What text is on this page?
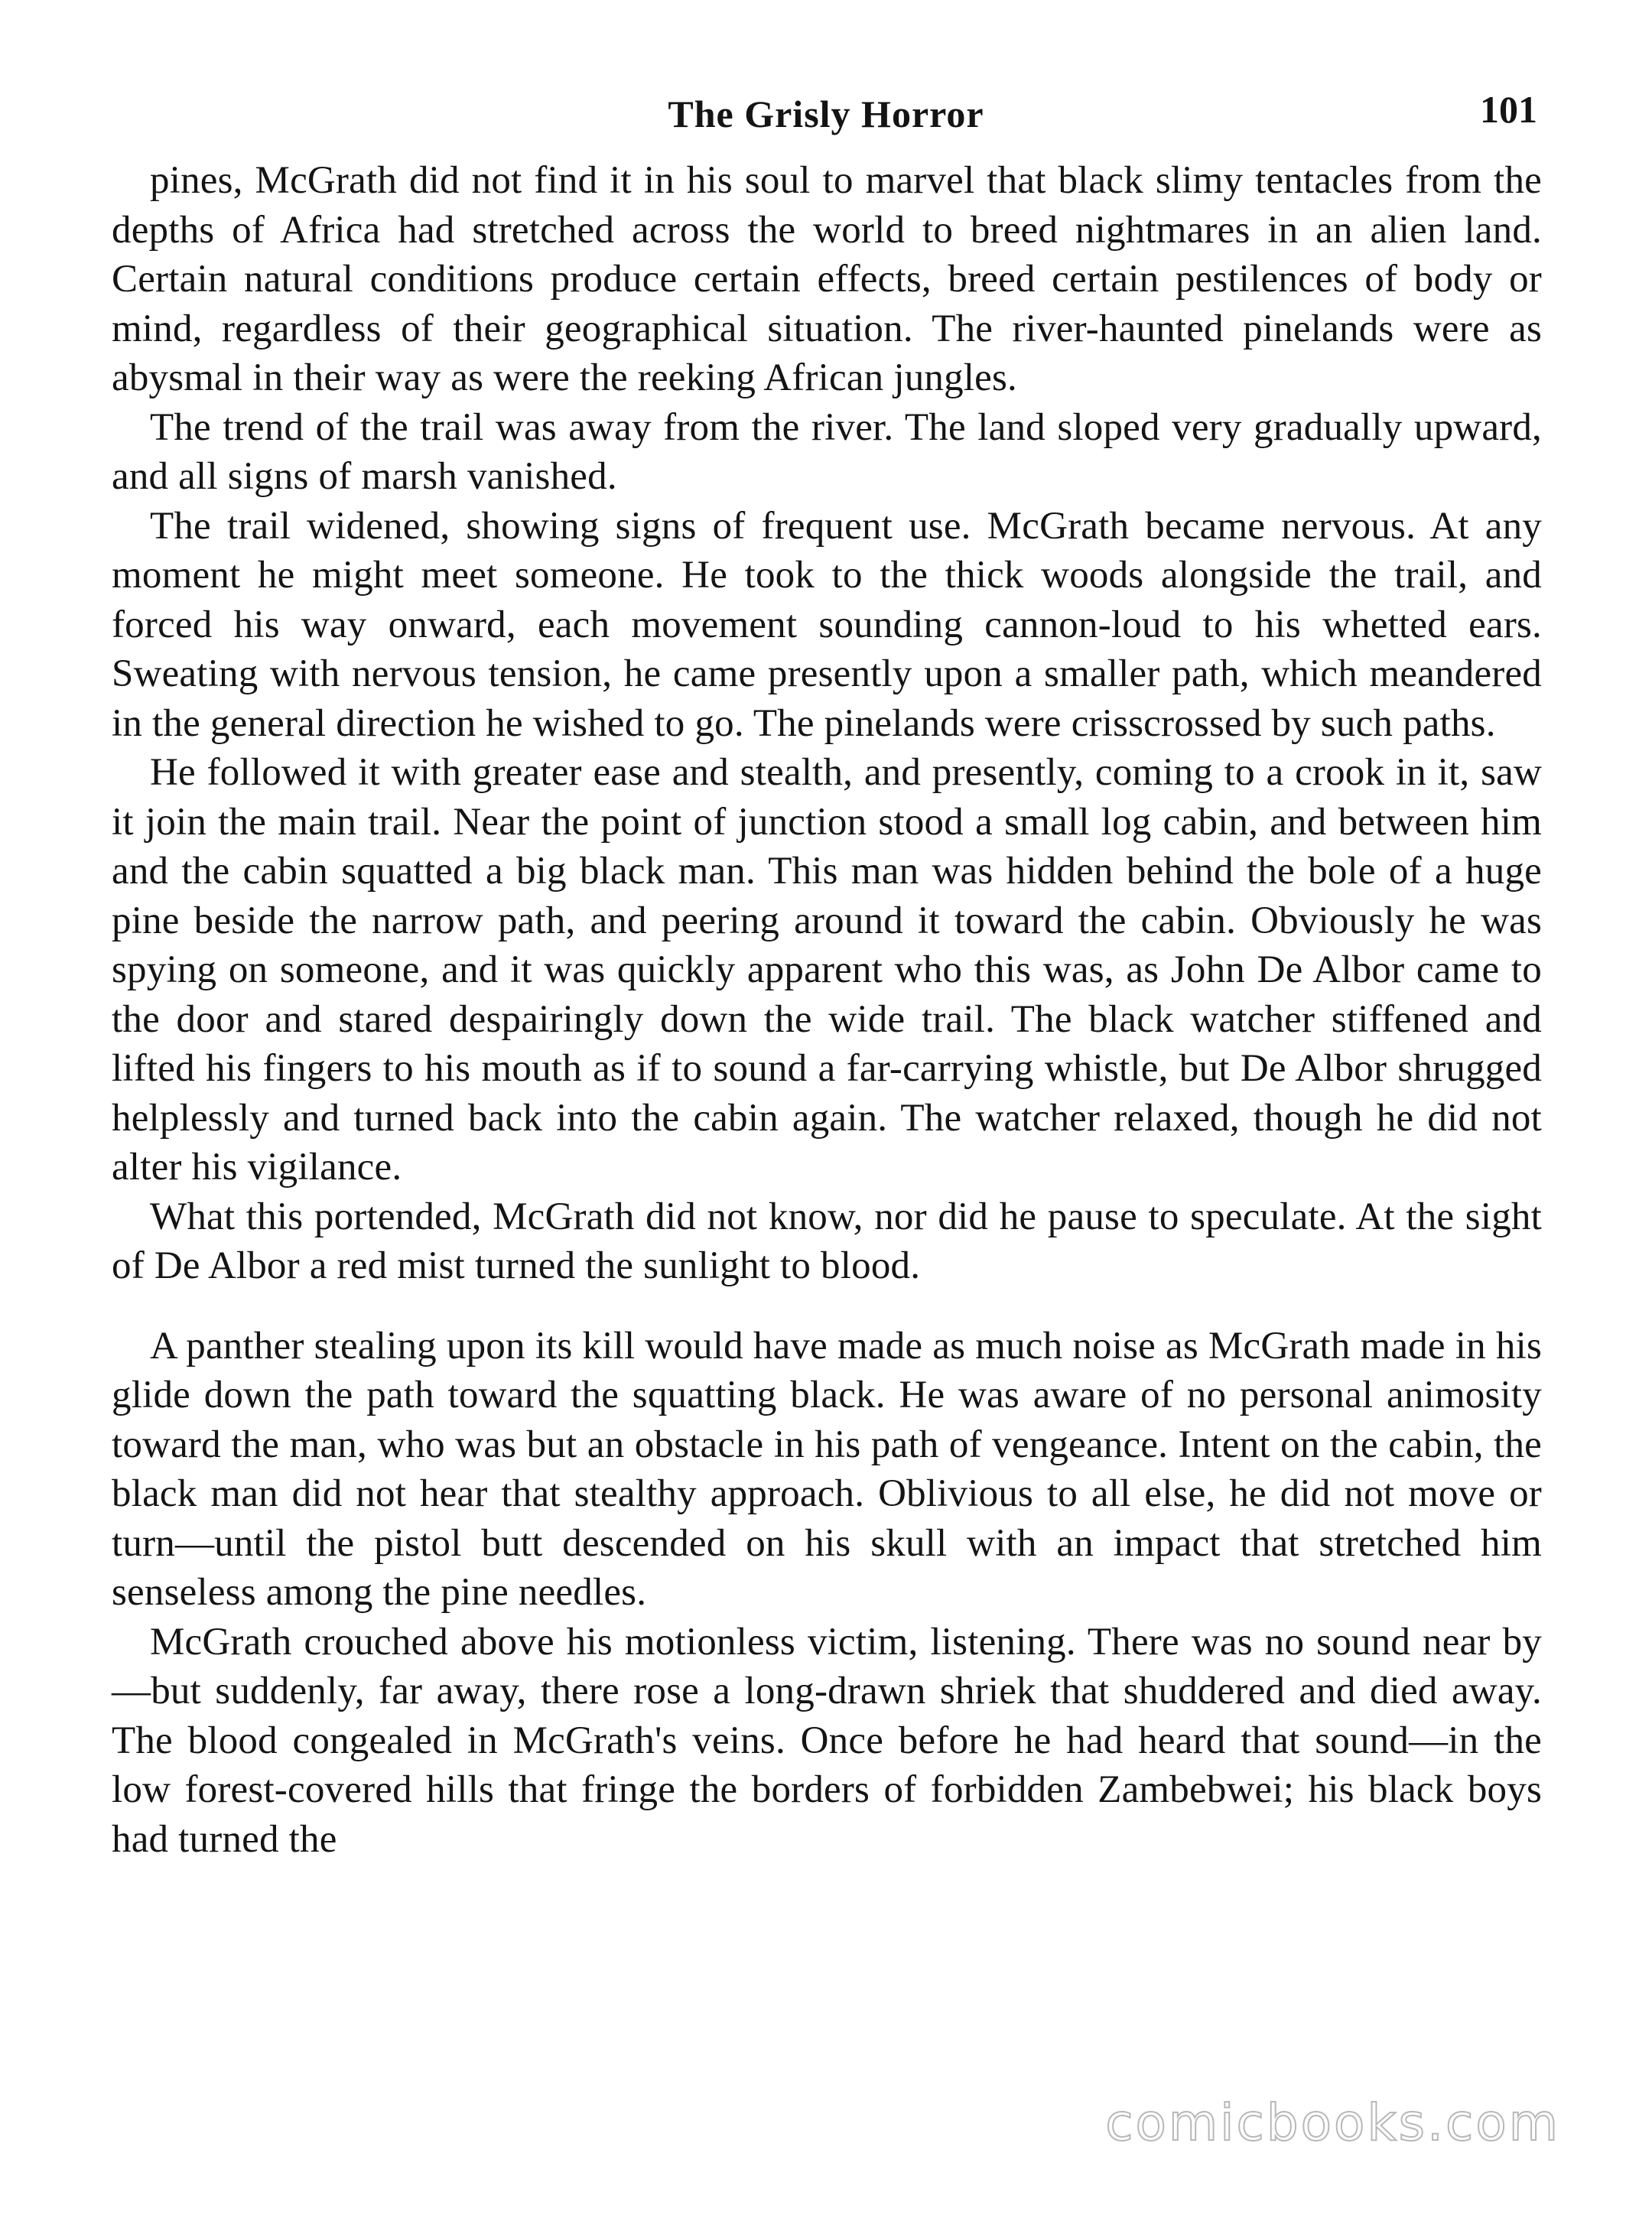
The Grisly Horror	101

pines, McGrath did not find it in his soul to marvel that black slimy tentacles from the depths of Africa had stretched across the world to breed nightmares in an alien land. Certain natural conditions produce certain effects, breed certain pestilences of body or mind, regardless of their geographical situation. The river-haunted pinelands were as abysmal in their way as were the reeking African jungles.

The trend of the trail was away from the river. The land sloped very gradually upward, and all signs of marsh vanished.

The trail widened, showing signs of frequent use. McGrath became nervous. At any moment he might meet someone. He took to the thick woods alongside the trail, and forced his way onward, each movement sounding cannon-loud to his whetted ears. Sweating with nervous tension, he came presently upon a smaller path, which meandered in the general direction he wished to go. The pinelands were crisscrossed by such paths.

He followed it with greater ease and stealth, and presently, coming to a crook in it, saw it join the main trail. Near the point of junction stood a small log cabin, and between him and the cabin squatted a big black man. This man was hidden behind the bole of a huge pine beside the narrow path, and peering around it toward the cabin. Obviously he was spying on someone, and it was quickly apparent who this was, as John De Albor came to the door and stared despairingly down the wide trail. The black watcher stiffened and lifted his fingers to his mouth as if to sound a far-carrying whistle, but De Albor shrugged helplessly and turned back into the cabin again. The watcher relaxed, though he did not alter his vigilance.

What this portended, McGrath did not know, nor did he pause to speculate. At the sight of De Albor a red mist turned the sunlight to blood.

A panther stealing upon its kill would have made as much noise as McGrath made in his glide down the path toward the squatting black. He was aware of no personal animosity toward the man, who was but an obstacle in his path of vengeance. Intent on the cabin, the black man did not hear that stealthy approach. Oblivious to all else, he did not move or turn—until the pistol butt descended on his skull with an impact that stretched him senseless among the pine needles.

McGrath crouched above his motionless victim, listening. There was no sound near by—but suddenly, far away, there rose a long-drawn shriek that shuddered and died away. The blood congealed in McGrath's veins. Once before he had heard that sound—in the low forest-covered hills that fringe the borders of forbidden Zambebwei; his black boys had turned the

comicbooks.com
